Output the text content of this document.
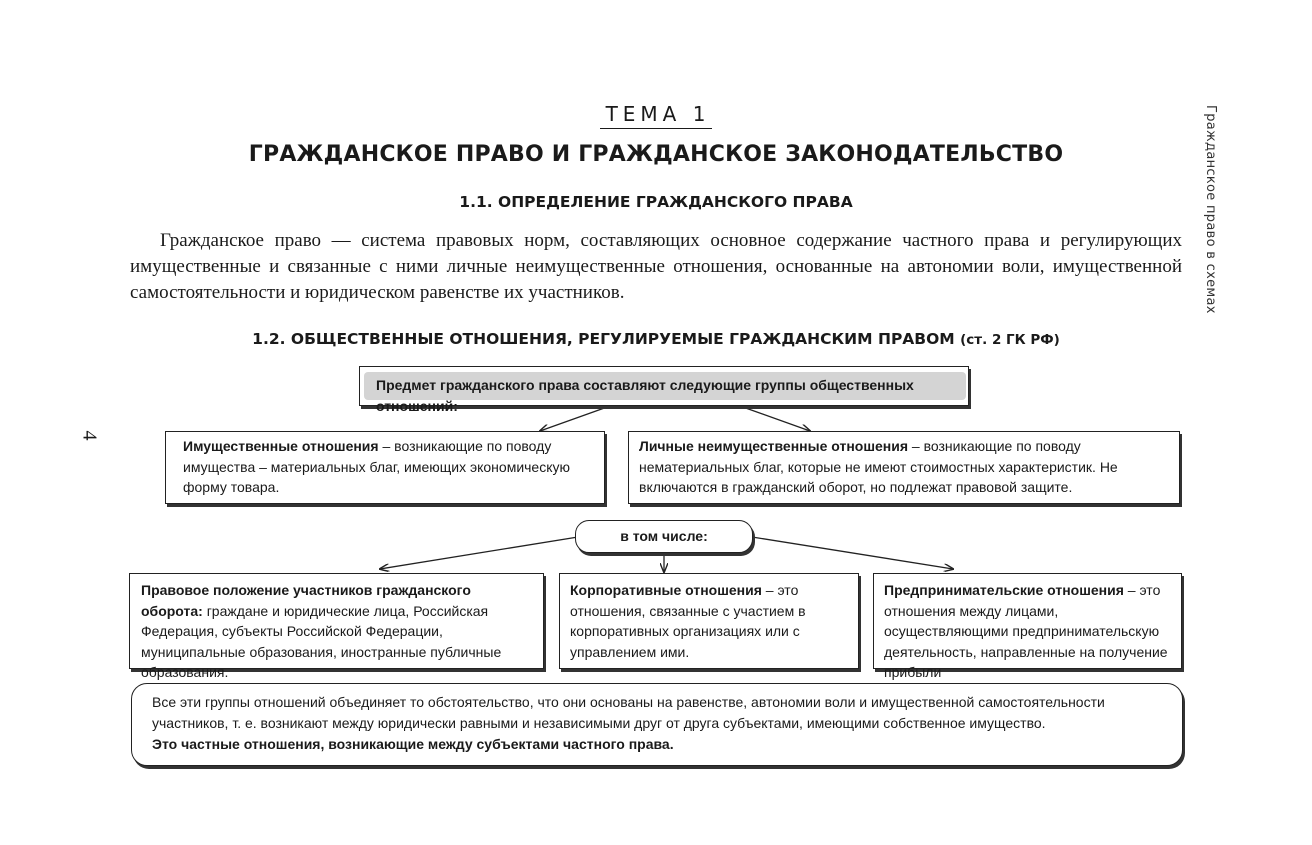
ТЕМА 1
ГРАЖДАНСКОЕ ПРАВО И ГРАЖДАНСКОЕ ЗАКОНОДАТЕЛЬСТВО
1.1. ОПРЕДЕЛЕНИЕ ГРАЖДАНСКОГО ПРАВА
Гражданское право — система правовых норм, составляющих основное содержание частного права и регулирующих имущественные и связанные с ними личные неимущественные отношения, основанные на автономии воли, имущественной самостоятельности и юридическом равенстве их участников.
1.2. ОБЩЕСТВЕННЫЕ ОТНОШЕНИЯ, РЕГУЛИРУЕМЫЕ ГРАЖДАНСКИМ ПРАВОМ (ст. 2 ГК РФ)
Гражданское право в схемах
4
Предмет гражданского права составляют следующие группы общественных отношений:
Имущественные отношения – возникающие по поводу имущества – материальных благ, имеющих экономическую форму товара.
Личные неимущественные отношения – возникающие по поводу нематериальных благ, которые не имеют стоимостных характеристик. Не включаются в гражданский оборот, но подлежат правовой защите.
в том числе:
Правовое положение участников гражданского оборота: граждане и юридические лица, Российская Федерация, субъекты Российской Федерации, муниципальные образования, иностранные публичные образования.
Корпоративные отношения – это отношения, связанные с участием в корпоративных организациях или с управлением ими.
Предпринимательские отношения – это отношения между лицами, осуществляющими предпринимательскую деятельность, направленные на получение прибыли
Все эти группы отношений объединяет то обстоятельство, что они основаны на равенстве, автономии воли и имущественной самостоятельности участников, т. е. возникают между юридически равными и независимыми друг от друга субъектами, имеющими собственное имущество.
Это частные отношения, возникающие между субъектами частного права.
